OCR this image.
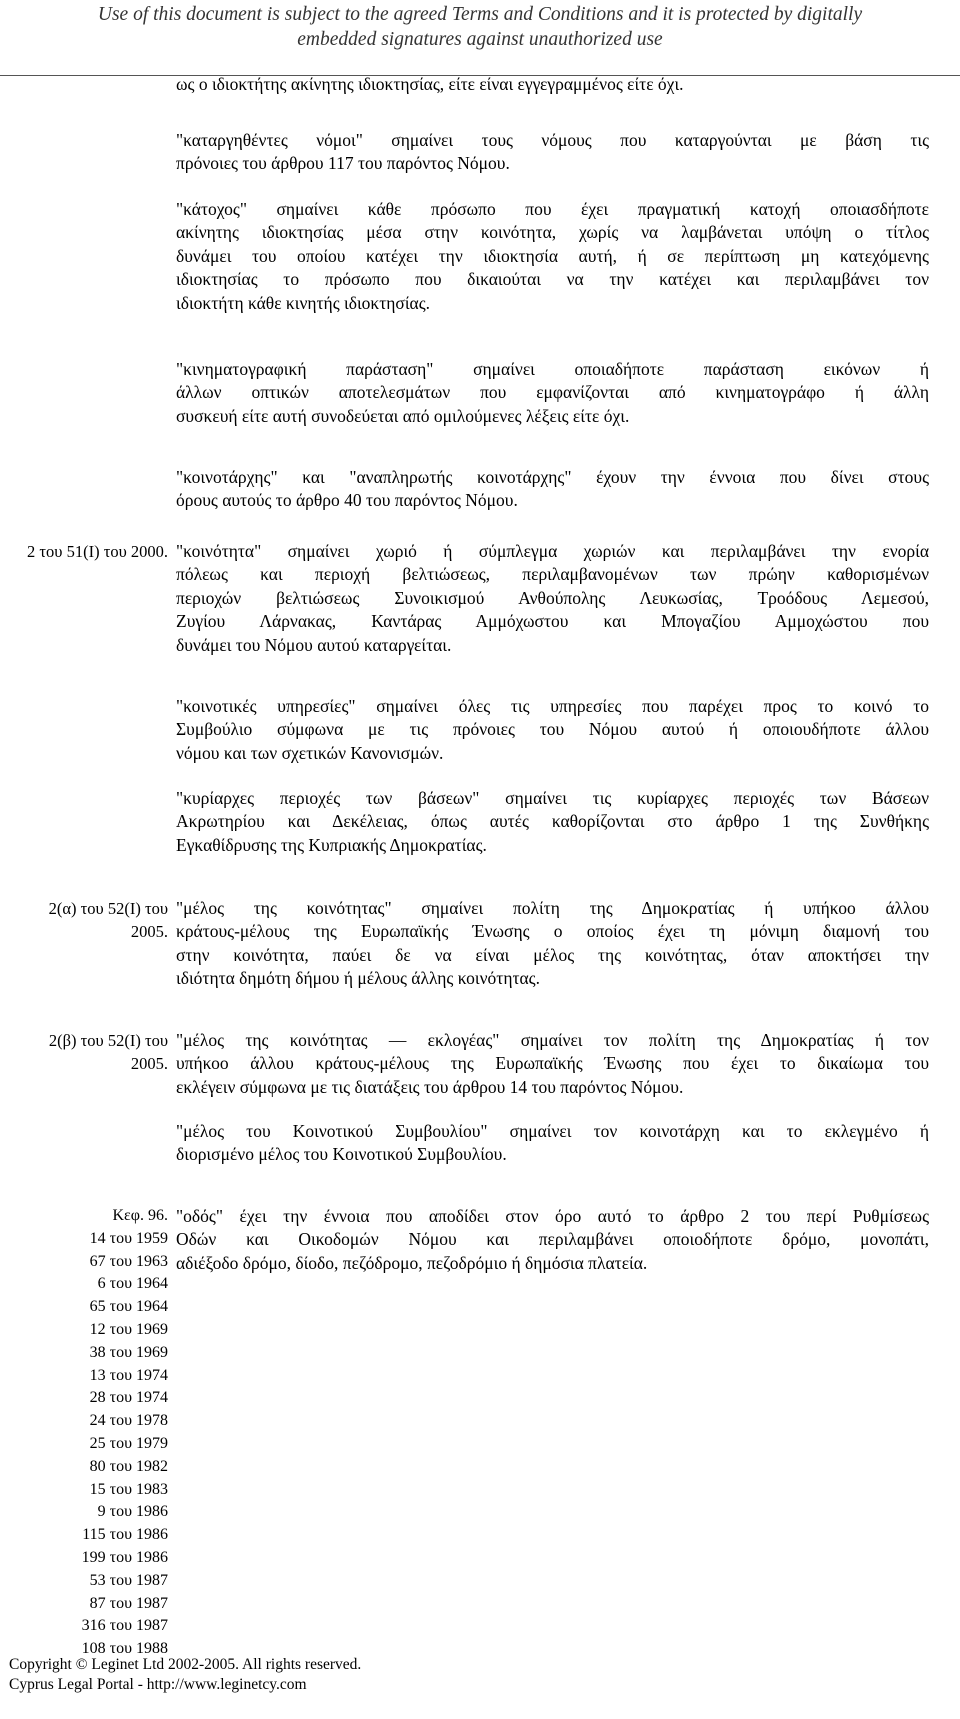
Use of this document is subject to the agreed Terms and Conditions and it is protected by digitally
embedded signatures against unauthorized use
ως ο ιδιοκτήτης ακίνητης ιδιοκτησίας, είτε είναι εγγεγραμμένος είτε όχι.
"καταργηθέντες νόμοι" σημαίνει τους νόμους που καταργούνται με βάση τις
πρόνοιες του άρθρου 117 του παρόντος Νόμου.
"κάτοχος" σημαίνει κάθε πρόσωπο που έχει πραγματική κατοχή οποιασδήποτε
ακίνητης ιδιοκτησίας μέσα στην κοινότητα, χωρίς να λαμβάνεται υπόψη ο τίτλος
δυνάμει του οποίου κατέχει την ιδιοκτησία αυτή, ή σε περίπτωση μη κατεχόμενης
ιδιοκτησίας το πρόσωπο που δικαιούται να την κατέχει και περιλαμβάνει τον
ιδιοκτήτη κάθε κινητής ιδιοκτησίας.
"κινηματογραφική παράσταση" σημαίνει οποιαδήποτε παράσταση εικόνων ή
άλλων οπτικών αποτελεσμάτων που εμφανίζονται από κινηματογράφο ή άλλη
συσκευή είτε αυτή συνοδεύεται από ομιλούμενες λέξεις είτε όχι.
"κοινοτάρχης" και "αναπληρωτής κοινοτάρχης" έχουν την έννοια που δίνει στους
όρους αυτούς το άρθρο 40 του παρόντος Νόμου.
2 του 51(Ι) του 2000. "κοινότητα" σημαίνει χωριό ή σύμπλεγμα χωριών και περιλαμβάνει την ενορία
πόλεως και περιοχή βελτιώσεως, περιλαμβανομένων των πρώην καθορισμένων
περιοχών βελτιώσεως Συνοικισμού Ανθούπολης Λευκωσίας, Τροόδους Λεμεσού,
Ζυγίου Λάρνακας, Καντάρας Αμμόχωστου και Μπογαζίου Αμμοχώστου που
δυνάμει του Νόμου αυτού καταργείται.
"κοινοτικές υπηρεσίες" σημαίνει όλες τις υπηρεσίες που παρέχει προς το κοινό το
Συμβούλιο σύμφωνα με τις πρόνοιες του Νόμου αυτού ή οποιουδήποτε άλλου
νόμου και των σχετικών Κανονισμών.
"κυρίαρχες περιοχές των βάσεων" σημαίνει τις κυρίαρχες περιοχές των Βάσεων
Ακρωτηρίου και Δεκέλειας, όπως αυτές καθορίζονται στο άρθρο 1 της Συνθήκης
Εγκαθίδρυσης της Κυπριακής Δημοκρατίας.
2(α) του 52(Ι) του 2005.
"μέλος της κοινότητας" σημαίνει πολίτη της Δημοκρατίας ή υπήκοο άλλου
κράτους-μέλους της Ευρωπαϊκής Ένωσης ο οποίος έχει τη μόνιμη διαμονή του
στην κοινότητα, παύει δε να είναι μέλος της κοινότητας, όταν αποκτήσει την
ιδιότητα δημότη δήμου ή μέλους άλλης κοινότητας.
2(β) του 52(Ι) του 2005.
"μέλος της κοινότητας — εκλογέας" σημαίνει τον πολίτη της Δημοκρατίας ή τον
υπήκοο άλλου κράτους-μέλους της Ευρωπαϊκής Ένωσης που έχει το δικαίωμα του
εκλέγειν σύμφωνα με τις διατάξεις του άρθρου 14 του παρόντος Νόμου.
"μέλος του Κοινοτικού Συμβουλίου" σημαίνει τον κοινοτάρχη και το εκλεγμένο ή
διορισμένο μέλος του Κοινοτικού Συμβουλίου.
"οδός" έχει την έννοια που αποδίδει στον όρο αυτό το άρθρο 2 του περί Ρυθμίσεως
Οδών και Οικοδομών Νόμου και περιλαμβάνει οποιοδήποτε δρόμο, μονοπάτι,
αδιέξοδο δρόμο, δίοδο, πεζόδρομο, πεζοδρόμιο ή δημόσια πλατεία.
Κεφ. 96.
14 του 1959
67 του 1963
6 του 1964
65 του 1964
12 του 1969
38 του 1969
13 του 1974
28 του 1974
24 του 1978
25 του 1979
80 του 1982
15 του 1983
9 του 1986
115 του 1986
199 του 1986
53 του 1987
87 του 1987
316 του 1987
108 του 1988
Copyright © Leginet Ltd 2002-2005. All rights reserved.
Cyprus Legal Portal - http://www.leginetcy.com
